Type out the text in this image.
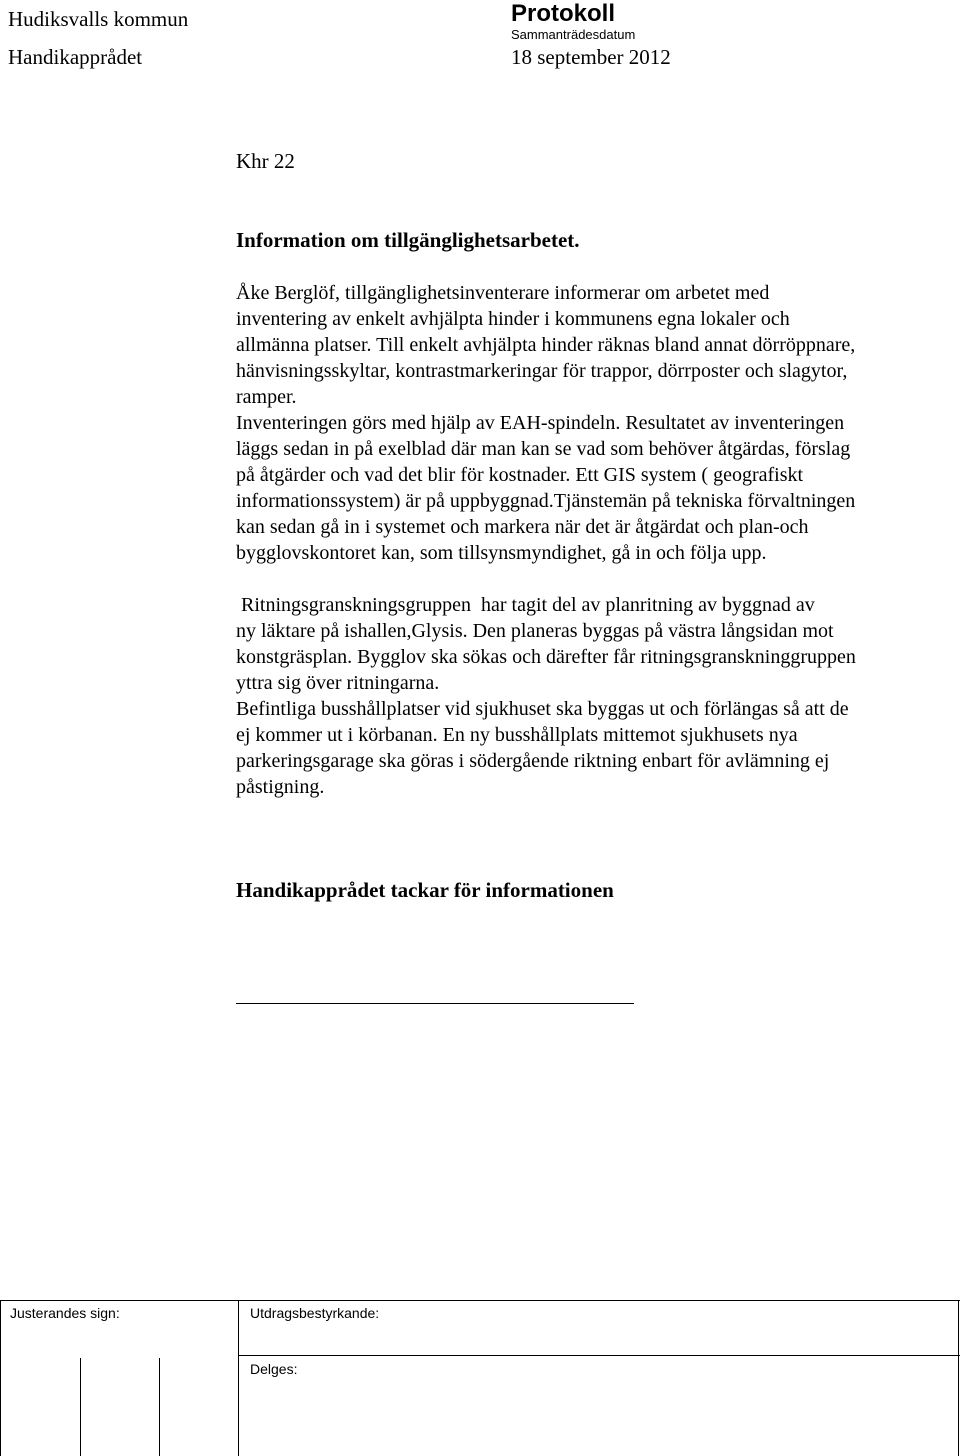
Hudiksvalls kommun
Handikapprådet
Protokoll
Sammanträdesdatum
18 september 2012
Khr 22
Information om tillgänglighetsarbetet.
Åke Berglöf, tillgänglighetsinventerare informerar om arbetet med
inventering av enkelt avhjälpta hinder i kommunens egna lokaler och
allmänna platser. Till enkelt avhjälpta hinder räknas bland annat dörröppnare,
hänvisningsskyltar, kontrastmarkeringar för trappor, dörrposter och slagytor,
ramper.
Inventeringen görs med hjälp av EAH-spindeln. Resultatet av inventeringen
läggs sedan in på exelblad där man kan se vad som behöver åtgärdas, förslag
på åtgärder och vad det blir för kostnader. Ett GIS system ( geografiskt
informationssystem) är på uppbyggnad.Tjänstemän på tekniska förvaltningen
kan sedan gå in i systemet och markera när det är åtgärdat och plan-och
bygglovskontoret kan, som tillsynsmyndighet, gå in och följa upp.
Ritningsgranskningsgruppen  har tagit del av planritning av byggnad av
ny läktare på ishallen,Glysis. Den planeras byggas på västra långsidan mot
konstgräsplan. Bygglov ska sökas och därefter får ritningsgranskninggruppen
yttra sig över ritningarna.
Befintliga busshållplatser vid sjukhuset ska byggas ut och förlängas så att de
ej kommer ut i körbanan. En ny busshållplats mittemot sjukhusets nya
parkeringsgarage ska göras i södergående riktning enbart för avlämning ej
påstigning.
Handikapprådet tackar för informationen
Justerandes sign:	Utdragsbestyrkande:
Delges:
